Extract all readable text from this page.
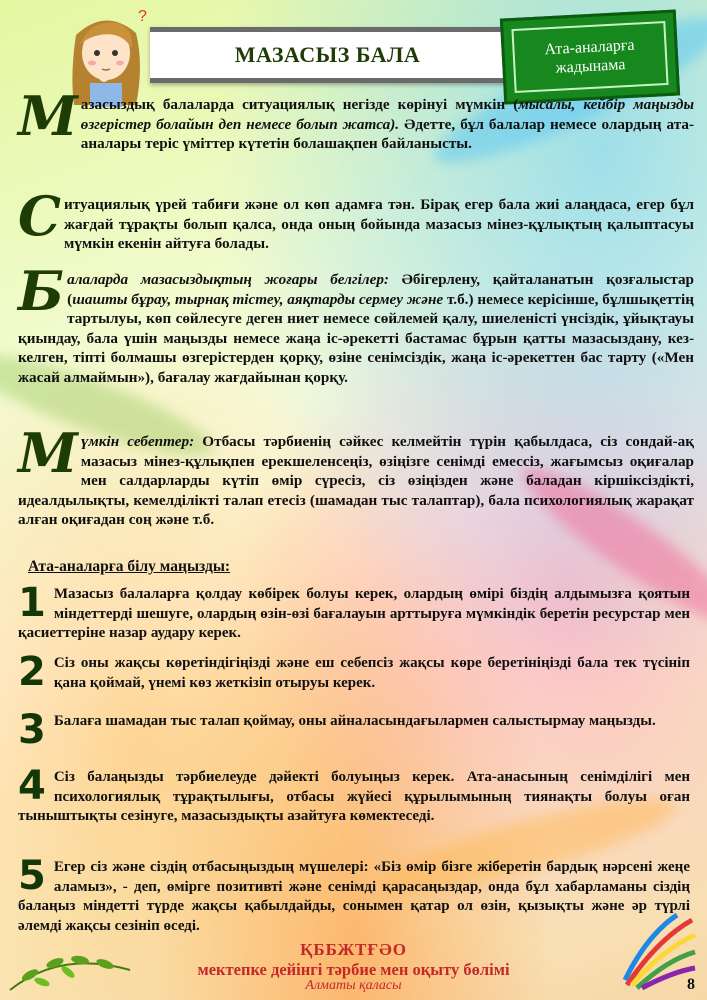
?
МАЗАСЫЗ БАЛА	Ата-аналарға
жадынама
Мазасыздық балаларда ситуациялық негізде көрінуі мүмкін (мысалы, кейбір маңызды өзгерістер болайын деп немесе болып жатса). Әдетте, бұл балалар немесе олардың ата-аналары теріс үміттер күтетін болашақпен байланысты.
Ситуациялық үрей табиғи және ол көп адамға тән. Бірақ егер бала жиі алаңдаса, егер бұл жағдай тұрақты болып қалса, онда оның бойында мазасыз мінез-құлықтың қалыптасуы мүмкін екенін айтуға болады.
Балаларда мазасыздықтың жоғары белгілер: Әбігерлену, қайталанатын қозғалыстар (шашты бұрау, тырнақ тістеу, аяқтарды сермеу және т.б.) немесе керісінше, бұлшықеттің тартылуы, көп сөйлесуге деген ниет немесе сөйлемей қалу, шиеленісті үнсіздік, ұйықтауы қиындау, бала үшін маңызды немесе жаңа іс-әрекетті бастамас бұрын қатты мазасыздану, кез-келген, тіпті болмашы өзгерістерден қорқу, өзіне сенімсіздік, жаңа іс-әрекеттен бас тарту («Мен жасай алмаймын»), бағалау жағдайынан қорқу.
Мүмкін себептер: Отбасы тәрбиенің сәйкес келмейтін түрін қабылдаса, сіз сондай-ақ мазасыз мінез-құлықпен ерекшеленсеңіз, өзіңізге сенімді емессіз, жағымсыз оқиғалар мен салдарларды күтіп өмір сүресіз, сіз өзіңізден және баладан кіршіксіздікті, идеалдылықты, кемелділікті талап етесіз (шамадан тыс талаптар), бала психологиялық жарақат алған оқиғадан соң және т.б.
Ата-аналарға білу маңызды:
1 Мазасыз балаларға қолдау көбірек болуы керек, олардың өмірі біздің алдымызға қоятын міндеттерді шешуге, олардың өзін-өзі бағалауын арттыруға мүмкіндік беретін ресурстар мен қасиеттеріне назар аудару керек.
2 Сіз оны жақсы көретіндігіңізді және еш себепсіз жақсы көре беретініңізді бала тек түсініп қана қоймай, үнемі көз жеткізіп отыруы керек.
3 Балаға шамадан тыс талап қоймау, оны айналасындағылармен салыстырмау маңызды.
4 Сіз балаңызды тәрбиелеуде дәйекті болуыңыз керек. Ата-анасының сенімділігі мен психологиялық тұрақтылығы, отбасы жүйесі құрылымының тиянақты болуы оған тыныштықты сезінуге, мазасыздықты азайтуға көмектеседі.
5 Егер сіз және сіздің отбасыңыздың мүшелері: «Біз өмір бізге жіберетін бардық нәрсені жеңе аламыз», - деп, өмірге позитивті және сенімді қарасаңыздар, онда бұл хабарламаны сіздің балаңыз міндетті түрде жақсы қабылдайды, сонымен қатар ол өзін, қызықты және әр түрлі әлемді жақсы сезініп өседі.
ҚББЖТҒӘО
мектепке дейінгі тәрбие мен оқыту бөлімі
Алматы қаласы	8
